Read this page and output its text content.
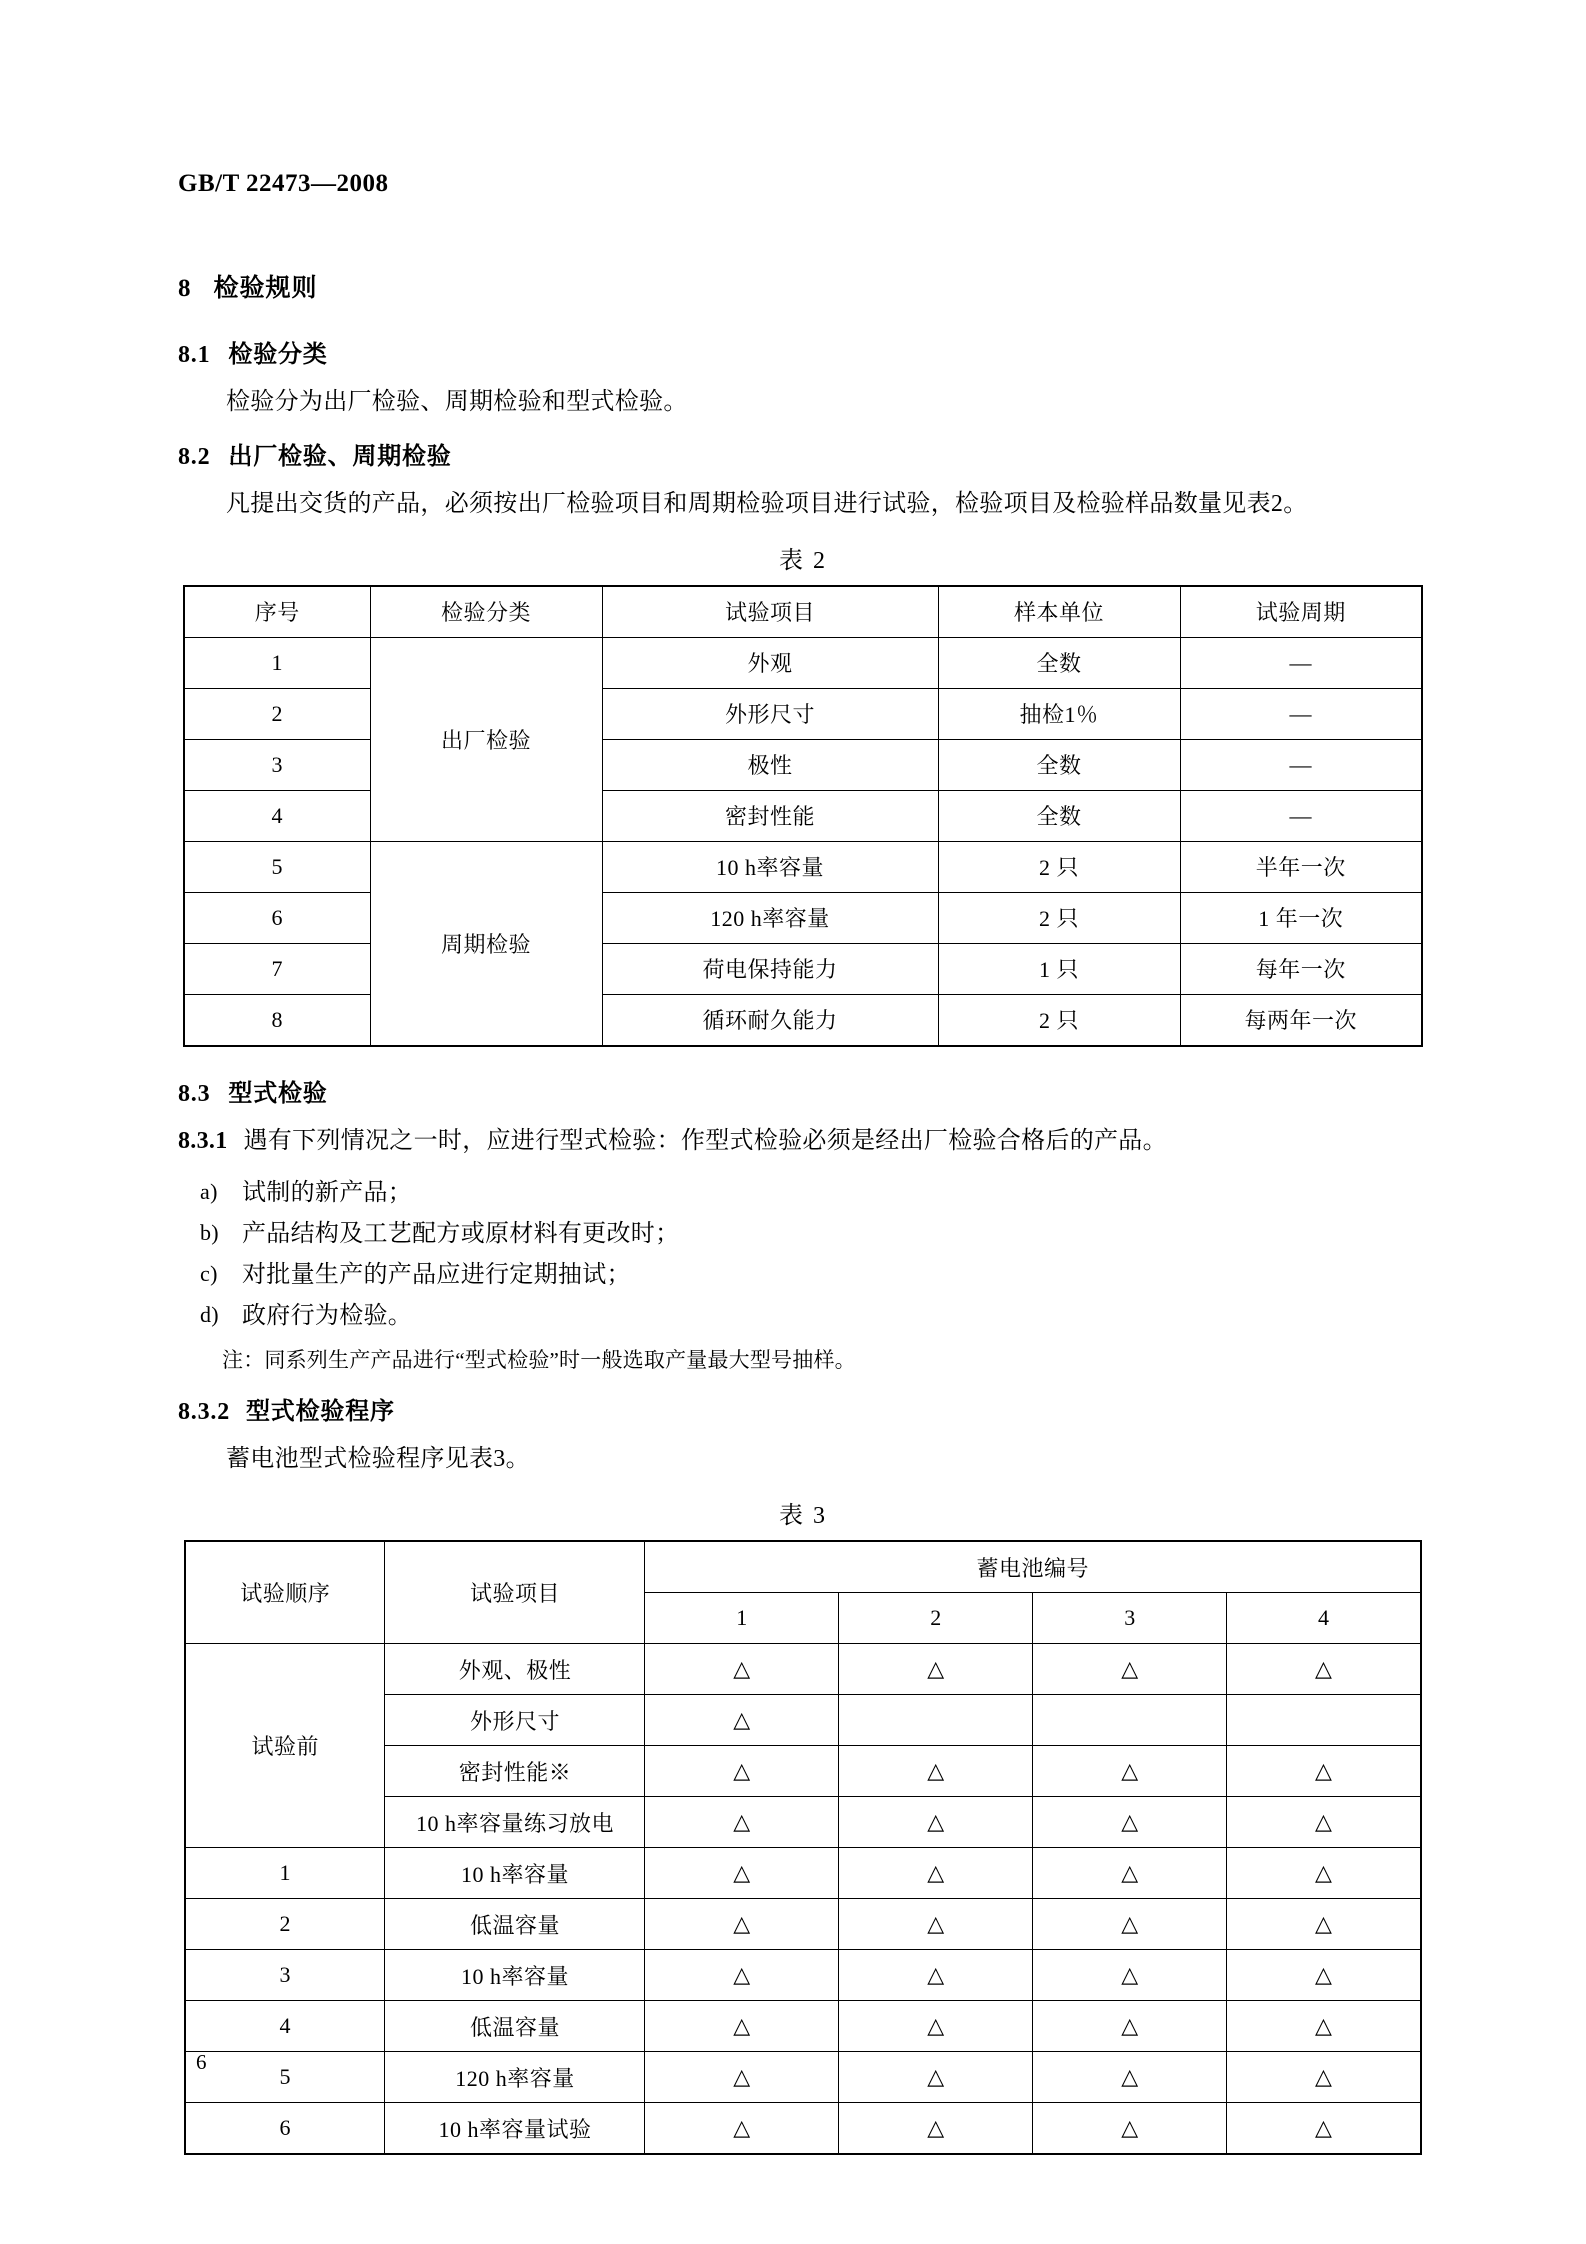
GB/T 22473—2008
8 检验规则
8.1 检验分类

检验分为出厂检验、周期检验和型式检验。

8.2 出厂检验、周期检验

凡提出交货的产品，必须按出厂检验项目和周期检验项目进行试验，检验项目及检验样品数量见表2。

表 2
序号	检验分类	试验项目	样本单位	试验周期
1	出厂检验	外观	全数	—
2		外形尺寸	抽检1％	—
3		极性	全数	—
4		密封性能	全数	—
5	周期检验	10 h率容量	2 只	半年一次
6		120 h率容量	2 只	1 年一次
7		荷电保持能力	1 只	每年一次
8		循环耐久能力	2 只	每两年一次
8.3 型式检验

8.3.1 遇有下列情况之一时，应进行型式检验：作型式检验必须是经出厂检验合格后的产品。

a) 试制的新产品；
b) 产品结构及工艺配方或原材料有更改时；
c) 对批量生产的产品应进行定期抽试；
d) 政府行为检验。

注：同系列生产产品进行“型式检验”时一般选取产量最大型号抽样。

8.3.2 型式检验程序

蓄电池型式检验程序见表3。

表 3
试验顺序	试验项目	蓄电池编号			
		1	2	3	4
试验前	外观、极性	△	△	△	△
	外形尺寸	△			
	密封性能※	△	△	△	△
	10 h率容量练习放电	△	△	△	△
1	10 h率容量	△	△	△	△
2	低温容量	△	△	△	△
3	10 h率容量	△	△	△	△
4	低温容量	△	△	△	△
5	120 h率容量	△	△	△	△
6	10 h率容量试验	△	△	△	△
6
